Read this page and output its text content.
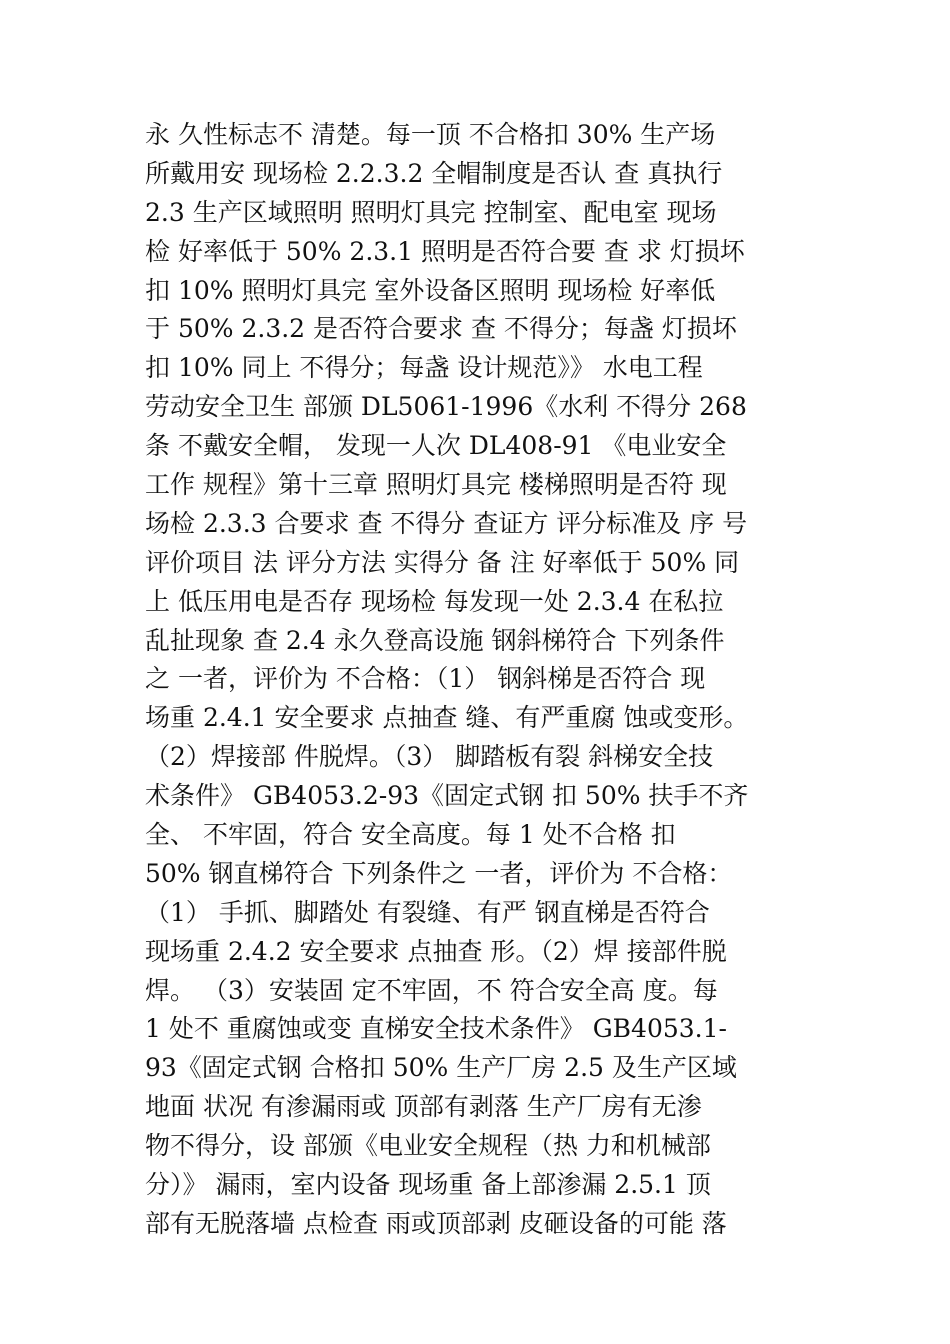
永 久性标志不 清楚。每一顶 不合格扣 30% 生产场
所戴用安 现场检 2.2.3.2 全帽制度是否认 查 真执行
2.3 生产区域照明 照明灯具完 控制室、配电室 现场
检 好率低于 50% 2.3.1 照明是否符合要 查 求 灯损坏
扣 10% 照明灯具完 室外设备区照明 现场检 好率低
于 50% 2.3.2 是否符合要求 查 不得分；每盏 灯损坏
扣 10% 同上 不得分；每盏 设计规范》》 水电工程
劳动安全卫生 部颁 DL5061-1996《水利 不得分 268
条 不戴安全帽， 发现一人次 DL408-91 《电业安全
工作 规程》第十三章 照明灯具完 楼梯照明是否符 现
场检 2.3.3 合要求 查 不得分 查证方 评分标准及 序 号
评价项目 法 评分方法 实得分 备 注 好率低于 50% 同
上 低压用电是否存 现场检 每发现一处 2.3.4 在私拉
乱扯现象 查 2.4 永久登高设施 钢斜梯符合 下列条件
之 一者，评价为 不合格：（1） 钢斜梯是否符合 现
场重 2.4.1 安全要求 点抽查 缝、有严重腐 蚀或变形。
（2）焊接部 件脱焊。（3） 脚踏板有裂 斜梯安全技
术条件》 GB4053.2-93《固定式钢 扣 50% 扶手不齐
全、 不牢固，符合 安全高度。每 1 处不合格 扣
50% 钢直梯符合 下列条件之 一者，评价为 不合格：
（1） 手抓、脚踏处 有裂缝、有严 钢直梯是否符合
现场重 2.4.2 安全要求 点抽查 形。（2）焊 接部件脱
焊。 （3）安装固 定不牢固，不 符合安全高 度。每
1 处不 重腐蚀或变 直梯安全技术条件》 GB4053.1-
93《固定式钢 合格扣 50% 生产厂房 2.5 及生产区域
地面 状况 有渗漏雨或 顶部有剥落 生产厂房有无渗
物不得分，设 部颁《电业安全规程（热 力和机械部
分）》 漏雨，室内设备 现场重 备上部渗漏 2.5.1 顶
部有无脱落墙 点检查 雨或顶部剥 皮砸设备的可能 落
